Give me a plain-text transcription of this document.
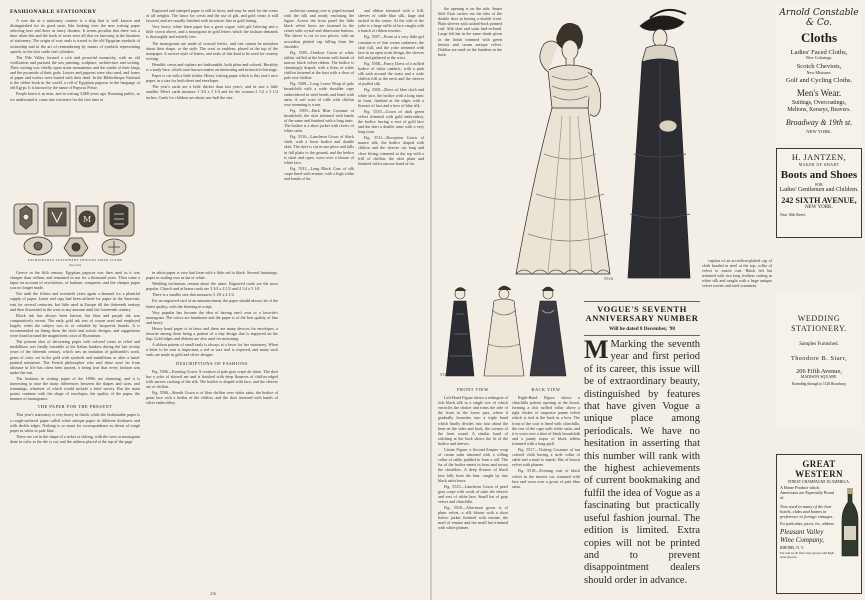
FASHIONABLE STATIONERY

A rose die at a stationery counter is a ship that is well known and distinguished for its good taste, like looking over the new writing paper selecting here and there as fancy dictates. It seems peculiar that there was a time when this and the book of roses were all that we knowing in the business of stationery. The origin of wax seals is traced to the old Egyptian symbols of ownership and in the art of remembering by means of symbols representing speech, in the first crude seal cylinders.

The Nile Valley formed a rich and powerful monarchy, with an old civilization and pursued the arts painting, sculpture, architecture and writing. Their writing was chiefly upon stone monuments and the tombs of their kings and the pyramids of their gods. Leaves and papyrus were also used, and forms of paper and wafers were buried with their dead. In the Bibliotheque National is the oldest book in the world, a roll of Egyptian papyrus in the language of old Egypt. It is known by the name of Papyrus Prisse.

People knew it as nine, and in writing 3,000 years ago. Roaming public, as we understand it, came into existence for the first time in

M
FASHIONABLE STATIONERY DESIGNS FROM STAMP
(See text)

Greece in the fifth century. Egyptian papyrus was then used as it was cheaper than vellum, and remained in use for a thousand years. Then came a lapse on account of revolutions, of barbaric conquests, and the cheaper paper was no longer made.

Not until the fifteen and twentieth years again a demand for a plentiful supply of paper. Linen and rags had been utilized for paper in the Saracenic east for several centuries, but little used in Europe till the thirteenth century and then flourished in the west in any amount until the fourteenth century.

Block ink has always been known, but blue and purple ink was comparatively recent. The early gold ink was of course used and employed largely when the subject was in or valuable by lacquerite brands. It is recommended on fining them the cloth and artistic designs, and suggestions were found around the magnificent court of Byzantium.

The present idea of decorating paper with colored crests in relief and medallions was finally traceable to the Italian bankers during the last twenty years of the fifteenth century, which was an imitation of goldsmith's work, gems of color set in the gold with symbols and medallions or after a hand-painted miniature. The French philosopher who said these were far from ultimate in life has often been quoted, it being true that every fashion was under the sun.

The fashions in writing paper of the 1890s are charming, and it is interesting to note the many differences between the shapes and sizes, and trimmings, whatever of which would include a brief survey. But the main points continue with the shape of envelopes, the quality of the paper, the manner of monograms.

THE PAPER FOR THE PRESENT

This year's stationery is very heavy in finish, while the fashionable paper is a rough-surfaced paper called white antique paper in different thickness and with deckle edges. Nothing is so smart for correspondence as sheets of rough paper in white or pale blue.

These are cut in the shape of a ticket or oblong, with the crest or monogram done in color as the die is cut, and the address placed at the top of the page.

Engraved and stamped paper is still in favor, and may be used for the crests of all weights. The fancy for crests and the use of gilt, and gold crests is still favored, and are usually finished with an artistic line in gold tinting.

Very heavy white linen paper has a great vogue, with gilt lettering and a little crown above, and a monogram in gold letters which the fashion demands is thoroughly and entirely free.

The monograms are made of crossed letters, and one cannot be mistaken about their shape, or the style. The crest or emblem, placed at the top of the notepaper. A cursive style of letters, and seals of this kind to be used for country writing.

Heraldic crests and ciphers are fashionable, both plain and colored. Heraldry is a study here, which once known makes an interesting and instructive heritage.

Paper is cut with a little tickler. Heavy writing paper which is this year's nice paper, in a size for both sheet and envelopes.

The year's cards are a little thicker than last year's, and in size a little smaller. Men's cards measure 1 3/4 x 3 1/4 and for the women 2 1/2 x 3 1/2 inches. Cards for children are about one-half the size.

in white paper is very bad form with a little red to black. Several fastenings, paper or sealing wax in tan or white.

Wedding invitations remain about the same. Engraved cards are the most popular. Church and at home cards are 3 3/4 x 4 1/2 and 4 1/4 x 5 1/4.

There is a smaller size that measures 3 1/8 x 4 1/2.

For an engraved card of an announcement, the paper should always be of the finest quality, with the lettering in script.

Very popular has become the idea of having one's own or a favorite's monogram. The colors are handsome and the paper is of the best quality of fine and heavy.

Heavy bond paper is in favor and there are many devices for envelopes, a favorite among them being a pattern of a tiny design that is engraved on the flap. Gold edges and ribbons are also used for mourning.

A ribbon pattern of small seals is always at a favor for her stationery. When a letter to be sent is important, a red or wax seal is required, and many such seals are made in gold and silver designs.

DESCRIPTIONS OF FASHIONS

Fig. 5506—Evening Gown. A creation of pale gray crepe de chine. The skirt has a yoke of shirred net and is finished with deep flounces of chiffon edged with narrow ruching of the silk. The bodice is draped with lace, and the sleeves are of chiffon.

Fig. 5506—Sheath Gown is of blue chiffon over white satin, the bodice of point lace with a bertha of the chiffon, and the skirt trimmed with bands of silver embroidery.

orchestra coming over it, piped around with the silk and neatly enclosing the figure. Across the front panel the little black velvet bows are fastened in the center with crystal and rhinestone buttons. The sleeve is cut in two pieces, with an accordion plaited cap falling from the shoulder.

Fig. 5505—Outdoor Gown of white taffeta ruffled at the bottom with bands of narrow black velvet ribbon. The bodice is charmingly draped, with a fichu of white chiffon fastened at the bust with a chou of pale rose chiffon.

Fig. 5508—Long Loose Wrap of pale broadcloth with a wide shoulder cape embroidered in steel beads and lined with satin. A soft scarf of tulle with chiffon rose trimming is worn.

Fig. 5509—Dark Blue Costume of broadcloth, the skirt trimmed with bands of the same and finished with a long tunic. The bodice is a short jacket with revers of white satin.

Fig. 5510—Luncheon Gown of black cloth, with a loose bodice and double skirt. The skirt is cut in one piece and falls in full plaits to the ground, and the bodice is short and open, worn over a blouse of white lace.

Fig. 5511—Long Black Coat of silk crepe lined with ermine, with a high collar and bands of fur.

and ribbon trimmed with a frill, sleeves of cable blue silk, large and tucked in the center. At the side of the yoke is a large ruffle of lace caught with a bunch of ribbon rosettes.

Fig. 5507—Front of a very little girl costume is of fine cream cashmere, the skirt full, and the yoke trimmed with lace in an open work design, the sleeves full and gathered at the wrist.

Fig. 5508—Fancy Dress of a ruffled bodice of white cambric, with a pink silk sash around the waist and a wide chiffon frill at the neck and the sleeves of puffed silk.

Fig. 5509—Dress of blue cloth and white lace, the bodice with a long tunic in front, finished at the edges with a flounce of lace and a bow of blue silk.

Fig. 5510—Gown of dark green velvet trimmed with gold embroidery, the bodice having a vest of gold lace and the skirt a double tunic with a very long train.

Fig. 5511—Reception Gown of mauve silk, the bodice draped with chiffon and the sleeves cut long and close fitting, trimmed at the top with a frill of chiffon, the skirt plain and finished with a narrow band of fur.

216

the opening is on the side. Smart little Eton carries out the idea of the double skirt in having a double front. Plain sleeves with tucked-back pointed cuff. Silk skirt and satin find-in-band. Large felt hat in the same shade given as the finish trimmed with green breasts and cream antique velvet. Dahlias are used on the bandeau in the back.

5516
5505
FRONT VIEW

Left-Hand Figure shows a redingote of rich black silk in a single row of which encircles the choker and trims the side of the front in the lower part, where it gradually branches into a triple band which finally divides into four about the hem on the sides and back, the corners of the front round. A similar band of stitching at the back shows the fit of the bodice and sleeves.

Center Figure, a Second Empire wrap of cream satin trimmed with a rolling collar of sable, padded to form a roll. The fur of the bodice meets in front and across the shoulders. A deep flounce of black lace falls from the bust, caught by tiny black satin bows.

Fig. 5515—Luncheon Gown of pearl gray crepe with cords of satin the sleeves and vest of white lace. Small hat of gray velvet and chinchilla.

Fig. 5516—Afternoon gown is of plum velvet, a silk blouse with a short bolero jacket finished with ermine, the muff of ermine and the small hat trimmed with white plumes.

BACK VIEW

Right-Hand Figure shows a chinchilla paletot opening at the throat, forming a chic ruffled collar above a tight choker of turquoise panne velvet which is tied at the back in a bow. The front of the coat is lined with chinchilla, the rest of the cape with white satin, and it is worn over a skirt of black broadcloth and a jaunty toque of black taffeta trimmed with a long quill.

Fig. 5517—Visiting Costume of tan colored cloth having a stole collar of sable and a muff to match. Hat of brown velvet with plumes.

Fig. 5518—Evening coat of black velvet in the newest cut, trimmed with lace and worn over a gown of pale blue satin.

VOGUE'S SEVENTH ANNIVERSARY NUMBER
Will be dated 8 December, '98
M Marking the seventh year and first period of its career, this issue will be of extraordinary beauty, distinguished by features that have given Vogue a unique place among periodicals. We have no hesitation in asserting that this number will rank with the highest achievements of current bookmaking and fulfil the idea of Vogue as a fascinating but practically useful fashion journal. The edition is limited. Extra copies will not be printed and to prevent disappointment dealers should order in advance.

caption of an accordion-plaited cap of cloth banded in steel at the top, collar of velvet to match coat. Black felt hat trimmed with two long feathers curling in white silk and caught with a large antique velvet rosette and steel ornament.

Arnold Constable & Co.
Cloths
Ladies' Faced Cloths,
New Colorings.
Scotch Cheviots,
New Mixtures.
Golf and Cycling Cloths.
Men's Wear.
Suitings, Overcoatings,
Meltons, Kerseys, Beavers.
Broadway & 19th st.
NEW YORK.
H. JANTZEN,
MAKER OF SMART
Boots and Shoes
FOR
Ladies' Gentlemen and Children.
242 SIXTH AVENUE,
NEW YORK.
Near 16th Street.
WEDDING STATIONERY.
Samples Furnished.
Theodore B. Starr,
206 Fifth Avenue,
MADISON SQUARE.
Extending through to 1128 Broadway.
GREAT WESTERN
FINEST CHAMPAGNE IN AMERICA.
A Home Product which Americans are Especially Proud of.
Now used in many of the best hotels, clubs and homes in preference to foreign vintages.
For particulars, prices, etc., address
Pleasant Valley Wine Company,
RHEIMS, N. Y.
For sale by all first-class grocers and high-class grocers.
